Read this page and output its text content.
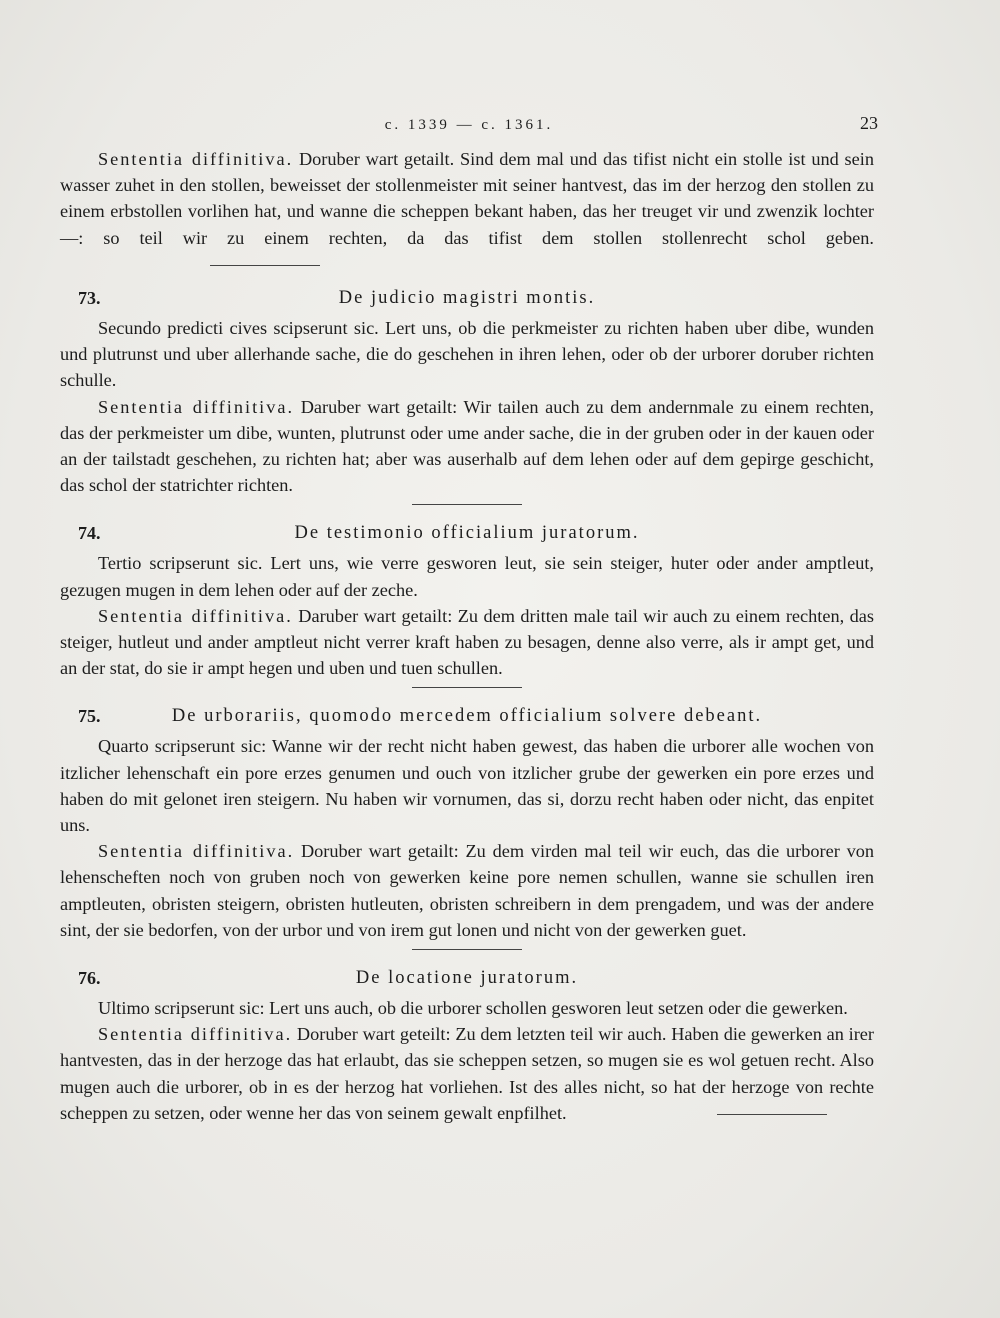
c. 1339 — c. 1361.	23

Sententia diffinitiva. Doruber wart getailt. Sind dem mal und das tifist nicht ein stolle ist und sein wasser zuhet in den stollen, beweisset der stollenmeister mit seiner hantvest, das im der herzog den stollen zu einem erbstollen vorlihen hat, und wanne die scheppen bekant haben, das her treuget vir und zwenzik lochter —: so teil wir zu einem rechten, da das tifist dem stollen stollenrecht schol geben.

73.	De judicio magistri montis.

Secundo predicti cives scipserunt sic. Lert uns, ob die perkmeister zu richten haben uber dibe, wunden und plutrunst und uber allerhande sache, die do geschehen in ihren lehen, oder ob der urborer doruber richten schulle.

Sententia diffinitiva. Daruber wart getailt: Wir tailen auch zu dem andernmale zu einem rechten, das der perkmeister um dibe, wunten, plutrunst oder ume ander sache, die in der gruben oder in der kauen oder an der tailstadt geschehen, zu richten hat; aber was auserhalb auf dem lehen oder auf dem gepirge geschicht, das schol der statrichter richten.

74.	De testimonio officialium juratorum.

Tertio scripserunt sic. Lert uns, wie verre gesworen leut, sie sein steiger, huter oder ander amptleut, gezugen mugen in dem lehen oder auf der zeche.

Sententia diffinitiva. Daruber wart getailt: Zu dem dritten male tail wir auch zu einem rechten, das steiger, hutleut und ander amptleut nicht verrer kraft haben zu besagen, denne also verre, als ir ampt get, und an der stat, do sie ir ampt hegen und uben und tuen schullen.

75.	De urborariis, quomodo mercedem officialium solvere debeant.

Quarto scripserunt sic: Wanne wir der recht nicht haben gewest, das haben die urborer alle wochen von itzlicher lehenschaft ein pore erzes genumen und ouch von itzlicher grube der gewerken ein pore erzes und haben do mit gelonet iren steigern. Nu haben wir vornumen, das si, dorzu recht haben oder nicht, das enpitet uns.

Sententia diffinitiva. Doruber wart getailt: Zu dem virden mal teil wir euch, das die urborer von lehenscheften noch von gruben noch von gewerken keine pore nemen schullen, wanne sie schullen iren amptleuten, obristen steigern, obristen hutleuten, obristen schreibern in dem prengadem, und was der andere sint, der sie bedorfen, von der urbor und von irem gut lonen und nicht von der gewerken guet.

76.	De locatione juratorum.

Ultimo scripserunt sic: Lert uns auch, ob die urborer schollen gesworen leut setzen oder die gewerken.

Sententia diffinitiva. Doruber wart geteilt: Zu dem letzten teil wir auch. Haben die gewerken an irer hantvesten, das in der herzoge das hat erlaubt, das sie scheppen setzen, so mugen sie es wol getuen recht. Also mugen auch die urborer, ob in es der herzog hat vorliehen. Ist des alles nicht, so hat der herzoge von rechte scheppen zu setzen, oder wenne her das von seinem gewalt enpfilhet.
